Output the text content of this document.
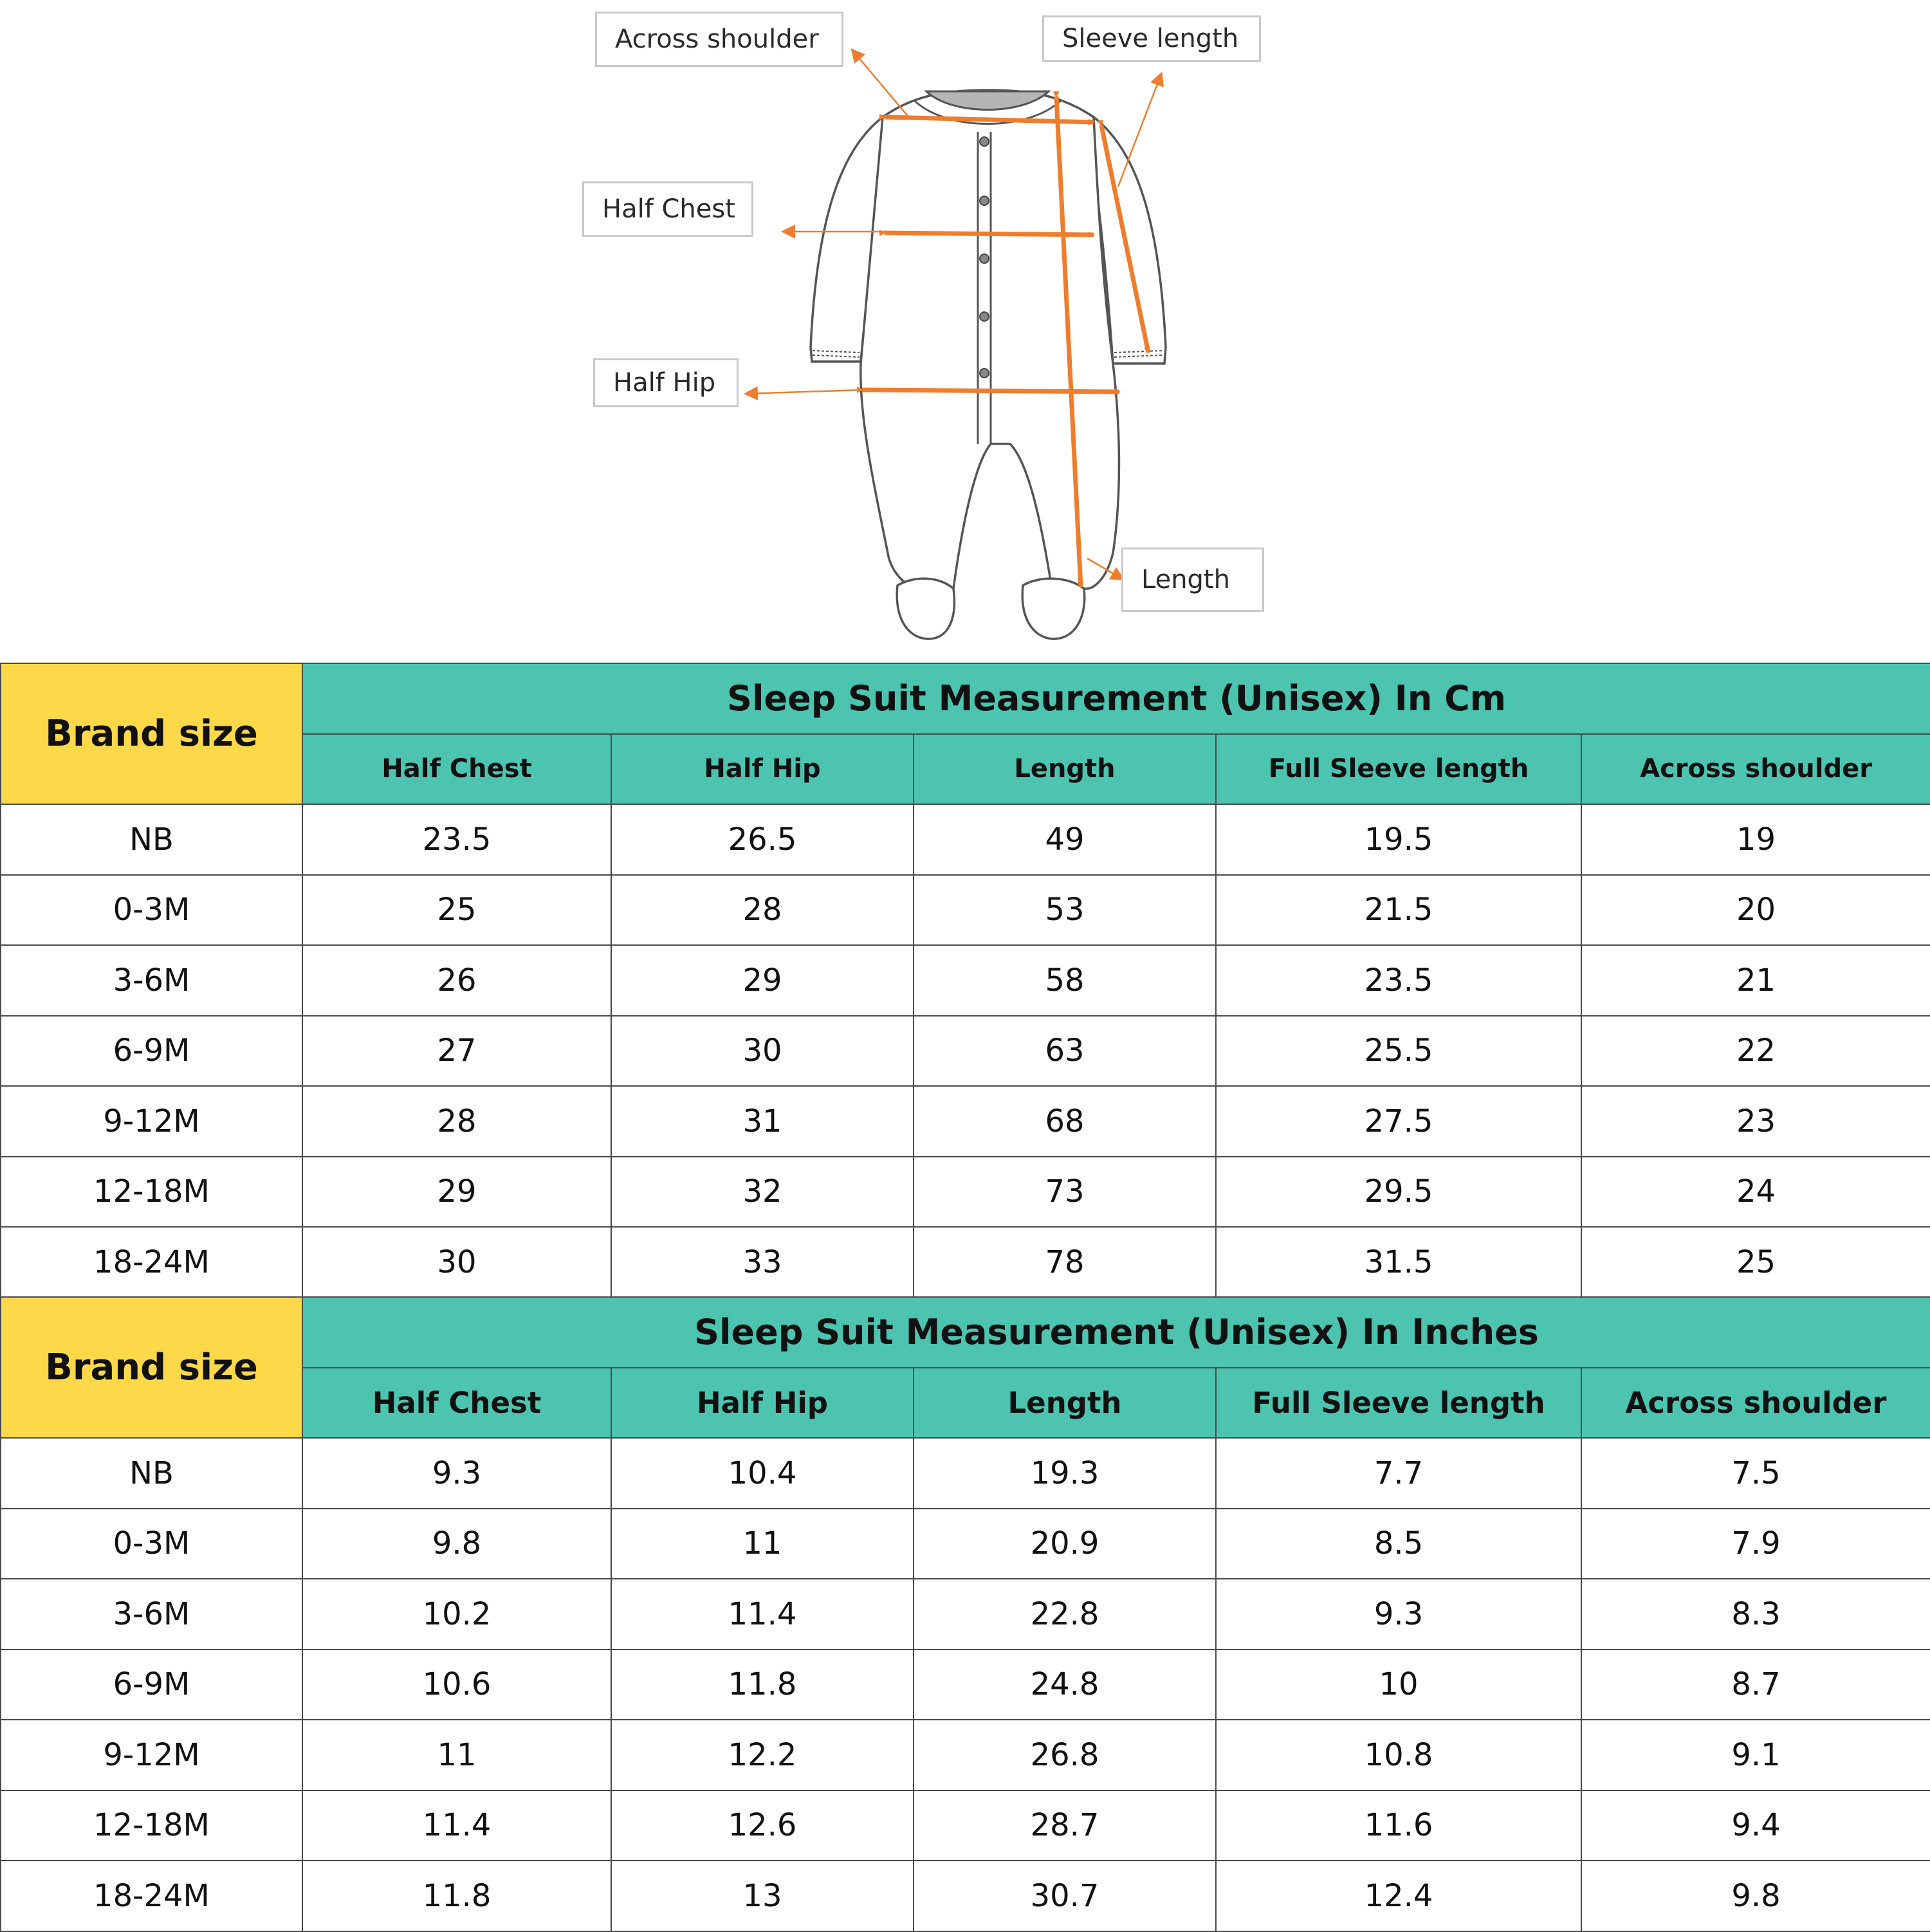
Across shoulder	Sleeve length
Half Chest
Half Hip
Length
Brand size	Sleep Suit Measurement (Unisex) In Cm				
	Half Chest	Half Hip	Length	Full Sleeve length	Across shoulder
NB	23.5	26.5	49	19.5	19
0-3M	25	28	53	21.5	20
3-6M	26	29	58	23.5	21
6-9M	27	30	63	25.5	22
9-12M	28	31	68	27.5	23
12-18M	29	32	73	29.5	24
18-24M	30	33	78	31.5	25
Brand size	Sleep Suit Measurement (Unisex) In Inches				
	Half Chest	Half Hip	Length	Full Sleeve length	Across shoulder
NB	9.3	10.4	19.3	7.7	7.5
0-3M	9.8	11	20.9	8.5	7.9
3-6M	10.2	11.4	22.8	9.3	8.3
6-9M	10.6	11.8	24.8	10	8.7
9-12M	11	12.2	26.8	10.8	9.1
12-18M	11.4	12.6	28.7	11.6	9.4
18-24M	11.8	13	30.7	12.4	9.8
